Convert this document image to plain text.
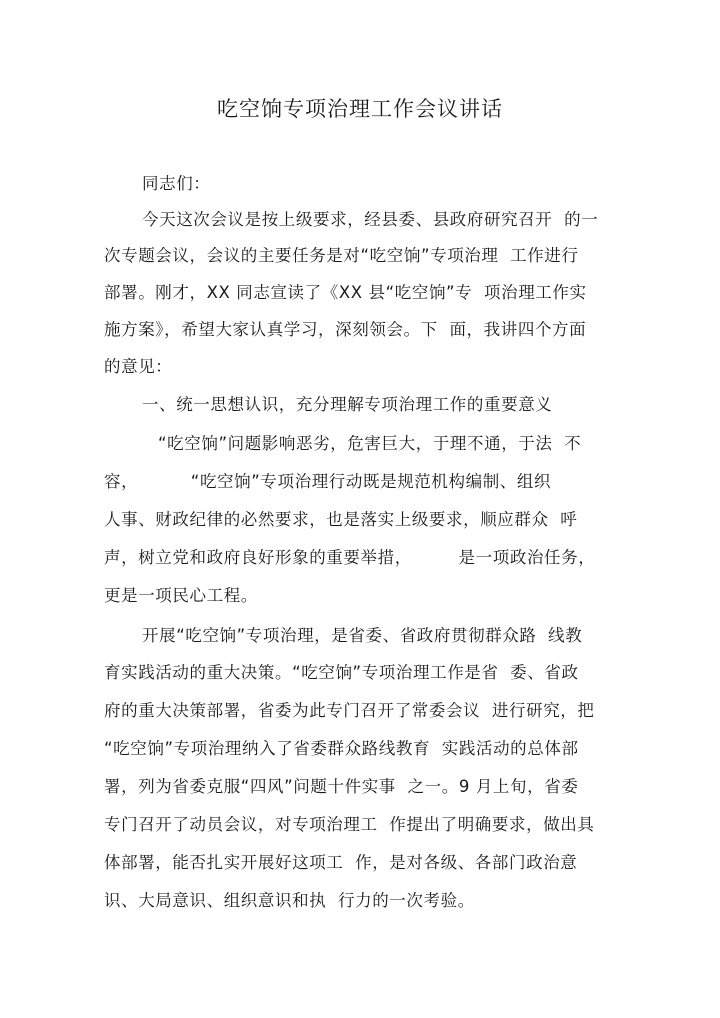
吃空饷专项治理工作会议讲话
同志们：
今天这次会议是按上级要求，经县委、县政府研究召开  的一
次专题会议，会议的主要任务是对“吃空饷”专项治理  工作进行
部署。刚才，XX 同志宣读了《XX 县“吃空饷”专  项治理工作实
施方案》，希望大家认真学习，深刻领会。下  面，我讲四个方面
的意见：
一、统一思想认识，充分理解专项治理工作的重要意义
“吃空饷”问题影响恶劣，危害巨大，于理不通，于法  不
容，         “吃空饷”专项治理行动既是规范机构编制、组织
人事、财政纪律的必然要求，也是落实上级要求，顺应群众  呼
声，树立党和政府良好形象的重要举措，        是一项政治任务，
更是一项民心工程。
开展“吃空饷”专项治理，是省委、省政府贯彻群众路  线教
育实践活动的重大决策。“吃空饷”专项治理工作是省  委、省政
府的重大决策部署，省委为此专门召开了常委会议  进行研究，把
“吃空饷”专项治理纳入了省委群众路线教育  实践活动的总体部
署，列为省委克服“四风”问题十件实事  之一。9 月上旬，省委
专门召开了动员会议，对专项治理工  作提出了明确要求，做出具
体部署，能否扎实开展好这项工  作，是对各级、各部门政治意
识、大局意识、组织意识和执  行力的一次考验。
